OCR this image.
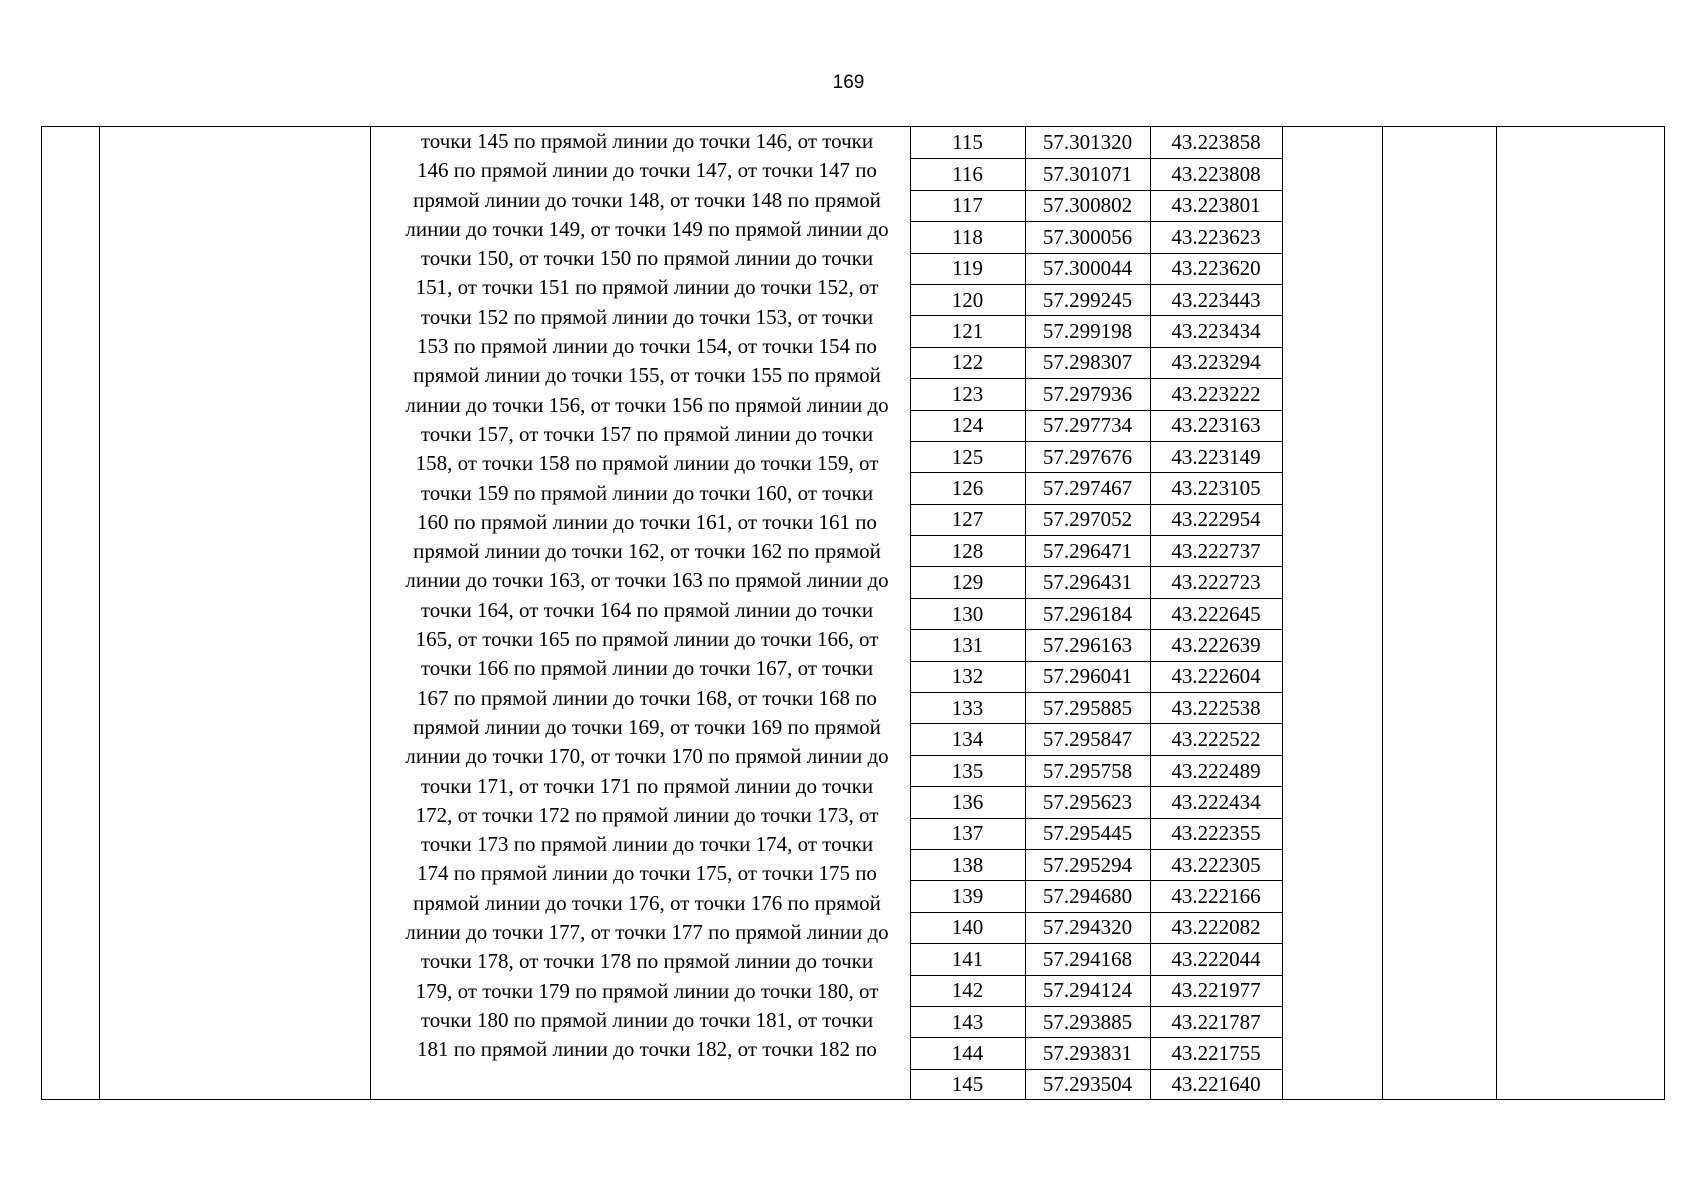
169
точки 145 по прямой линии до точки 146, от точки
146 по прямой линии до точки 147, от точки 147 по
прямой линии до точки 148, от точки 148 по прямой
линии до точки 149, от точки 149 по прямой линии до
точки 150, от точки 150 по прямой линии до точки
151, от точки 151 по прямой линии до точки 152, от
точки 152 по прямой линии до точки 153, от точки
153 по прямой линии до точки 154, от точки 154 по
прямой линии до точки 155, от точки 155 по прямой
линии до точки 156, от точки 156 по прямой линии до
точки 157, от точки 157 по прямой линии до точки
158, от точки 158 по прямой линии до точки 159, от
точки 159 по прямой линии до точки 160, от точки
160 по прямой линии до точки 161, от точки 161 по
прямой линии до точки 162, от точки 162 по прямой
линии до точки 163, от точки 163 по прямой линии до
точки 164, от точки 164 по прямой линии до точки
165, от точки 165 по прямой линии до точки 166, от
точки 166 по прямой линии до точки 167, от точки
167 по прямой линии до точки 168, от точки 168 по
прямой линии до точки 169, от точки 169 по прямой
линии до точки 170, от точки 170 по прямой линии до
точки 171, от точки 171 по прямой линии до точки
172, от точки 172 по прямой линии до точки 173, от
точки 173 по прямой линии до точки 174, от точки
174 по прямой линии до точки 175, от точки 175 по
прямой линии до точки 176, от точки 176 по прямой
линии до точки 177, от точки 177 по прямой линии до
точки 178, от точки 178 по прямой линии до точки
179, от точки 179 по прямой линии до точки 180, от
точки 180 по прямой линии до точки 181, от точки
181 по прямой линии до точки 182, от точки 182 по
115	57.301320	43.223858
116	57.301071	43.223808
117	57.300802	43.223801
118	57.300056	43.223623
119	57.300044	43.223620
120	57.299245	43.223443
121	57.299198	43.223434
122	57.298307	43.223294
123	57.297936	43.223222
124	57.297734	43.223163
125	57.297676	43.223149
126	57.297467	43.223105
127	57.297052	43.222954
128	57.296471	43.222737
129	57.296431	43.222723
130	57.296184	43.222645
131	57.296163	43.222639
132	57.296041	43.222604
133	57.295885	43.222538
134	57.295847	43.222522
135	57.295758	43.222489
136	57.295623	43.222434
137	57.295445	43.222355
138	57.295294	43.222305
139	57.294680	43.222166
140	57.294320	43.222082
141	57.294168	43.222044
142	57.294124	43.221977
143	57.293885	43.221787
144	57.293831	43.221755
145	57.293504	43.221640
